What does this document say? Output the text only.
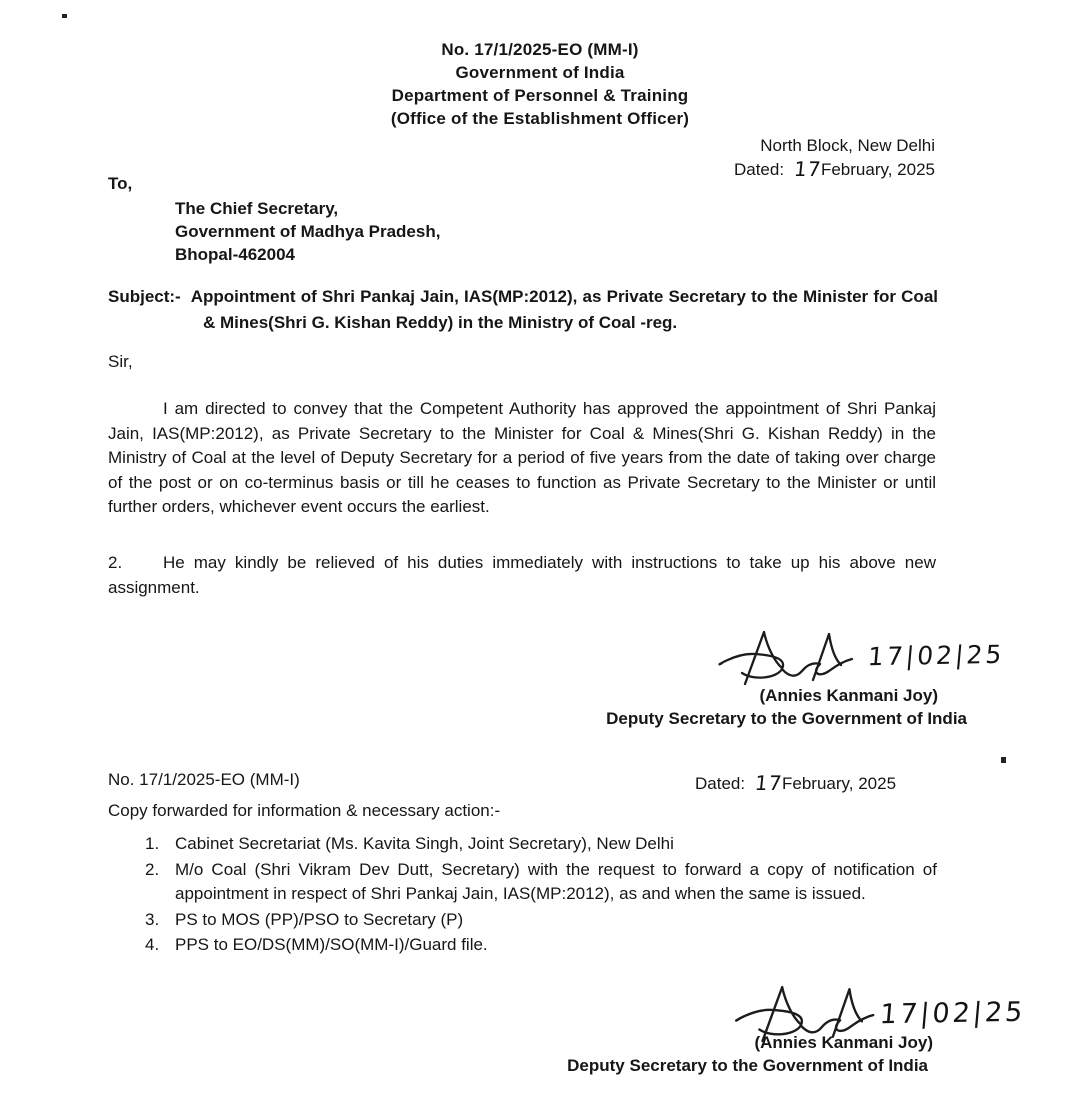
No. 17/1/2025-EO (MM-I)
Government of India
Department of Personnel & Training
(Office of the Establishment Officer)
North Block, New Delhi
Dated: 17February, 2025
To,
The Chief Secretary,
Government of Madhya Pradesh,
Bhopal-462004
Subject:- Appointment of Shri Pankaj Jain, IAS(MP:2012), as Private Secretary to the Minister for Coal & Mines(Shri G. Kishan Reddy) in the Ministry of Coal -reg.
Sir,
I am directed to convey that the Competent Authority has approved the appointment of Shri Pankaj Jain, IAS(MP:2012), as Private Secretary to the Minister for Coal & Mines(Shri G. Kishan Reddy) in the Ministry of Coal at the level of Deputy Secretary for a period of five years from the date of taking over charge of the post or on co-terminus basis or till he ceases to function as Private Secretary to the Minister or until further orders, whichever event occurs the earliest.
2. He may kindly be relieved of his duties immediately with instructions to take up his above new assignment.
17|02|25
(Annies Kanmani Joy)
Deputy Secretary to the Government of India
No. 17/1/2025-EO (MM-I)	Dated: 17February, 2025
Copy forwarded for information & necessary action:-
1. Cabinet Secretariat (Ms. Kavita Singh, Joint Secretary), New Delhi
2. M/o Coal (Shri Vikram Dev Dutt, Secretary) with the request to forward a copy of notification of appointment in respect of Shri Pankaj Jain, IAS(MP:2012), as and when the same is issued.
3. PS to MOS (PP)/PSO to Secretary (P)
4. PPS to EO/DS(MM)/SO(MM-I)/Guard file.
17|02|25
(Annies Kanmani Joy)
Deputy Secretary to the Government of India
